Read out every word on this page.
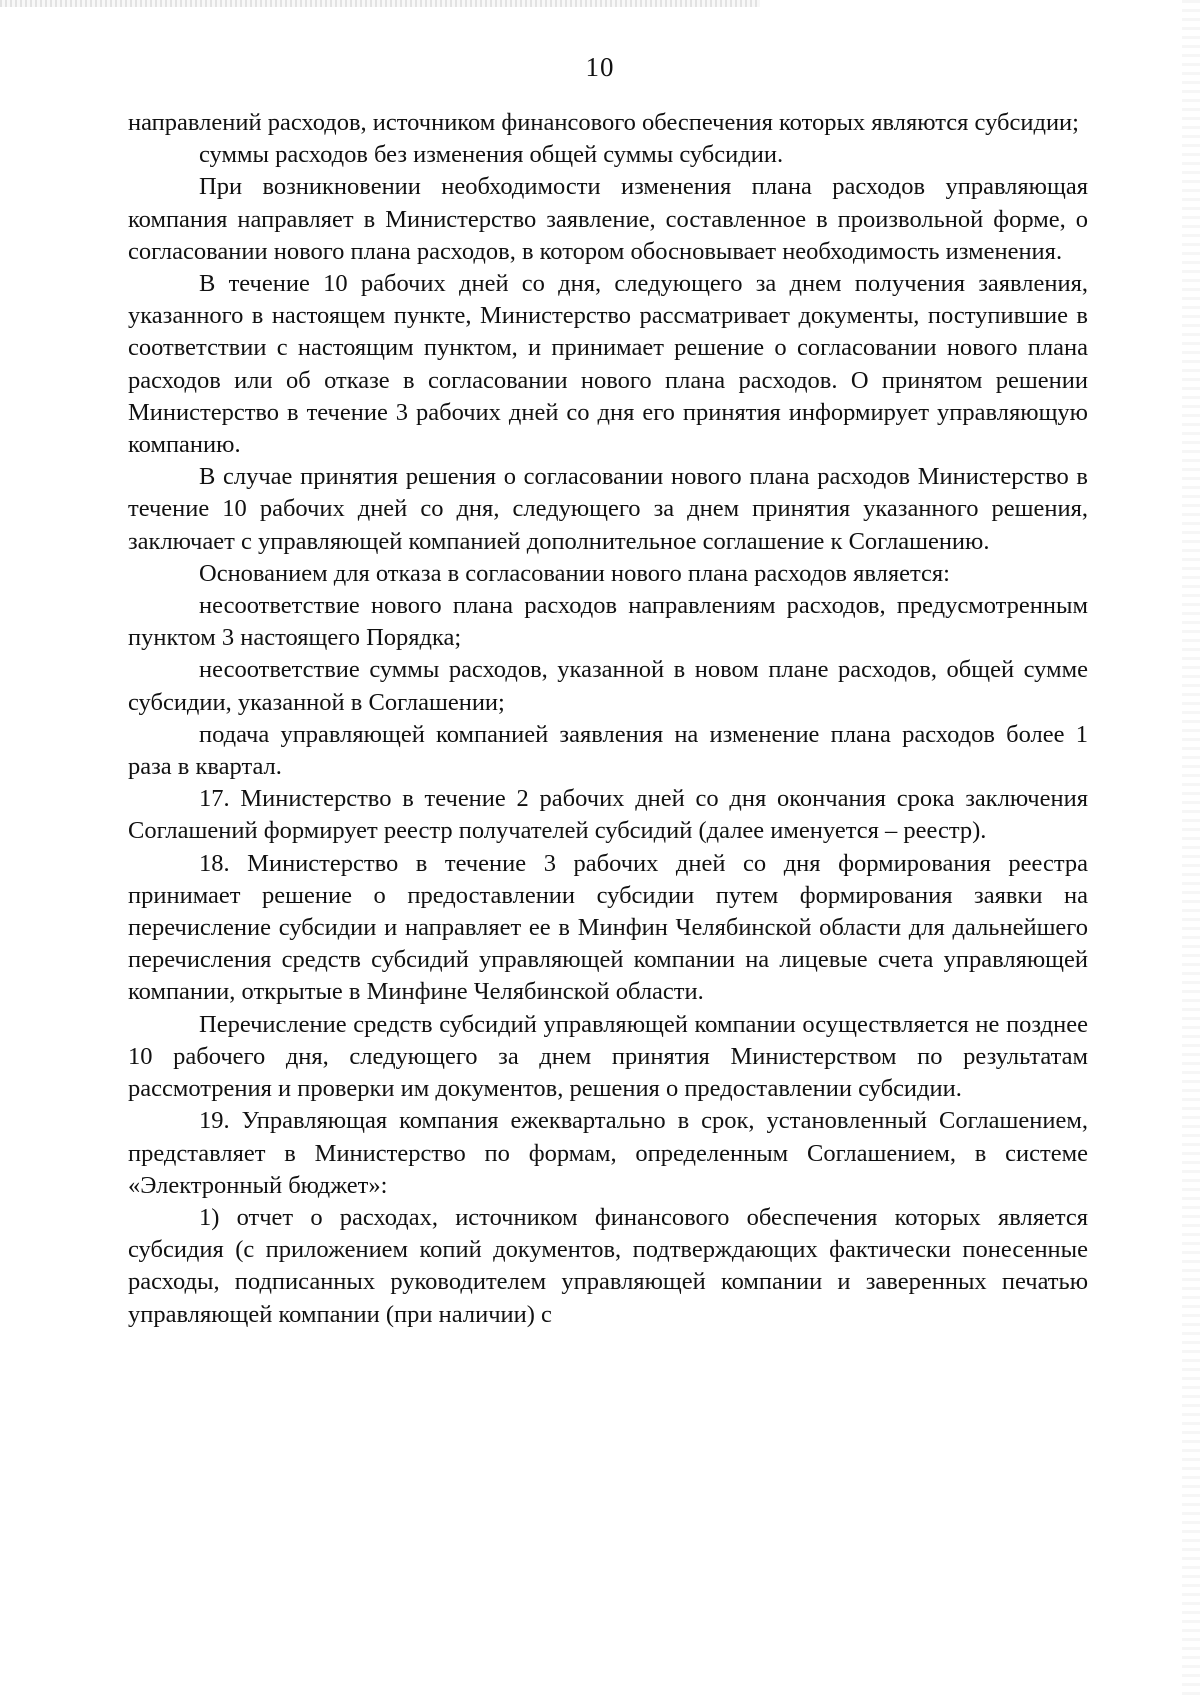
10

направлений расходов, источником финансового обеспечения которых являются субсидии;

суммы расходов без изменения общей суммы субсидии.

При возникновении необходимости изменения плана расходов управляющая компания направляет в Министерство заявление, составленное в произвольной форме, о согласовании нового плана расходов, в котором обосновывает необходимость изменения.

В течение 10 рабочих дней со дня, следующего за днем получения заявления, указанного в настоящем пункте, Министерство рассматривает документы, поступившие в соответствии с настоящим пунктом, и принимает решение о согласовании нового плана расходов или об отказе в согласовании нового плана расходов. О принятом решении Министерство в течение 3 рабочих дней со дня его принятия информирует управляющую компанию.

В случае принятия решения о согласовании нового плана расходов Министерство в течение 10 рабочих дней со дня, следующего за днем принятия указанного решения, заключает с управляющей компанией дополнительное соглашение к Соглашению.

Основанием для отказа в согласовании нового плана расходов является:

несоответствие нового плана расходов направлениям расходов, предусмотренным пунктом 3 настоящего Порядка;

несоответствие суммы расходов, указанной в новом плане расходов, общей сумме субсидии, указанной в Соглашении;

подача управляющей компанией заявления на изменение плана расходов более 1 раза в квартал.

17. Министерство в течение 2 рабочих дней со дня окончания срока заключения Соглашений формирует реестр получателей субсидий (далее именуется – реестр).

18. Министерство в течение 3 рабочих дней со дня формирования реестра принимает решение о предоставлении субсидии путем формирования заявки на перечисление субсидии и направляет ее в Минфин Челябинской области для дальнейшего перечисления средств субсидий управляющей компании на лицевые счета управляющей компании, открытые в Минфине Челябинской области.

Перечисление средств субсидий управляющей компании осуществляется не позднее 10 рабочего дня, следующего за днем принятия Министерством по результатам рассмотрения и проверки им документов, решения о предоставлении субсидии.

19. Управляющая компания ежеквартально в срок, установленный Соглашением, представляет в Министерство по формам, определенным Соглашением, в системе «Электронный бюджет»:

1) отчет о расходах, источником финансового обеспечения которых является субсидия (с приложением копий документов, подтверждающих фактически понесенные расходы, подписанных руководителем управляющей компании и заверенных печатью управляющей компании (при наличии) с
